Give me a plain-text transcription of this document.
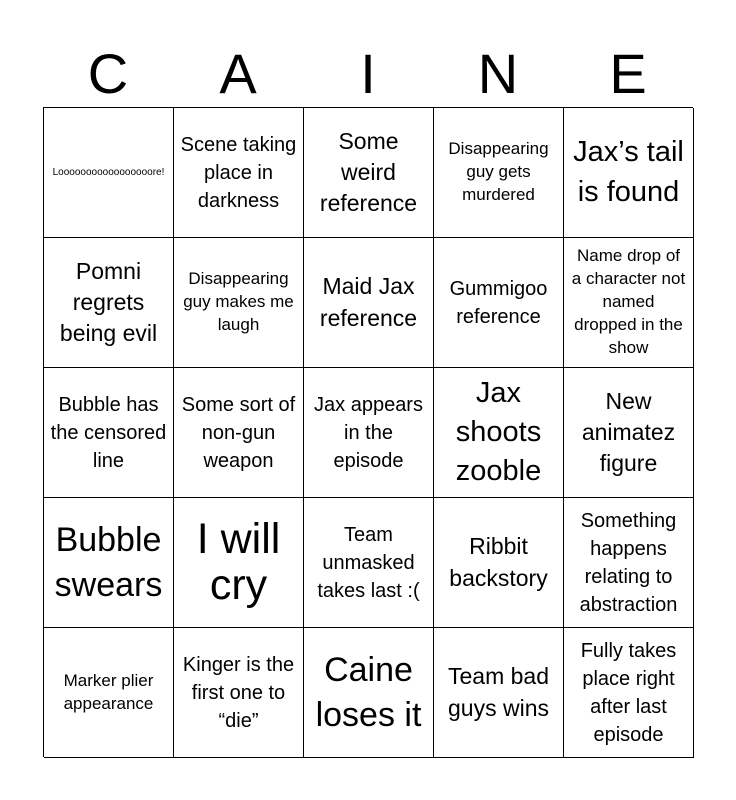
C	A	I	N	E
Looooooooooooooooore!
Scene taking place in darkness
Some weird reference
Disappearing guy gets murdered
Jax’s tail is found
Pomni regrets being evil
Disappearing guy makes me laugh
Maid Jax reference
Gummigoo reference
Name drop of a character not named dropped in the show
Bubble has the censored line
Some sort of non-gun weapon
Jax appears in the episode
Jax shoots zooble
New animatez figure
Bubble swears
I will cry
Team unmasked takes last :(
Ribbit backstory
Something happens relating to abstraction
Marker plier appearance
Kinger is the first one to “die”
Caine loses it
Team bad guys wins
Fully takes place right after last episode
